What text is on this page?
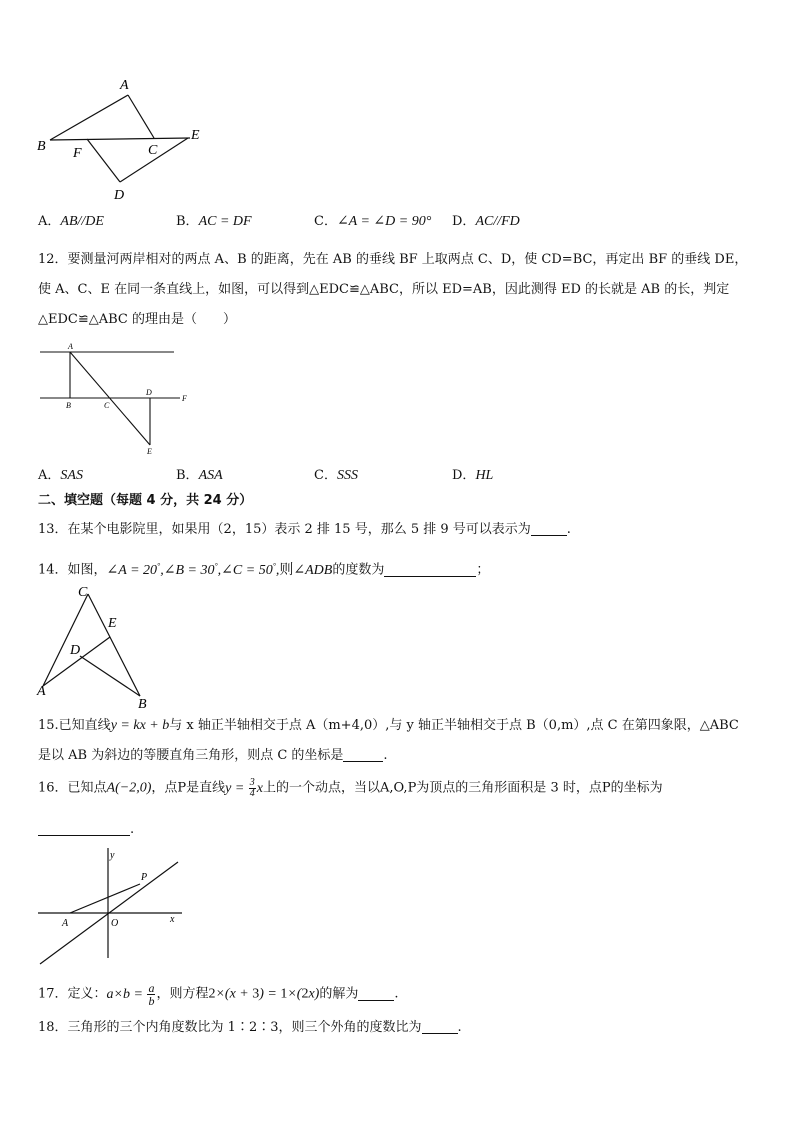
A
B F	C
E
D
A．AB//DE	B．AC = DF	C．∠A = ∠D = 90° D．AC//FD
12．要测量河两岸相对的两点 A、B 的距离，先在 AB 的垂线 BF 上取两点 C、D，使 CD=BC，再定出 BF 的垂线 DE，
使 A、C、E 在同一条直线上，如图，可以得到△EDC≌△ABC，所以 ED=AB，因此测得 ED 的长就是 AB 的长，判定
△EDC≌△ABC 的理由是（　　）
A
B	C
D
F
E
A．SAS	B．ASA	C．SSS	D．HL
二、填空题（每题 4 分，共 24 分）
13．在某个电影院里，如果用（2，15）表示 2 排 15 号，那么 5 排 9 号可以表示为	.
14．如图，∠A = 20°,∠B = 30°,∠C = 50°,则∠ADB的度数为	；
C
E
D
A
B
15.已知直线y = kx + b与 x 轴正半轴相交于点 A（m+4,0）,与 y 轴正半轴相交于点 B（0,m）,点 C 在第四象限，△ABC
是以 AB 为斜边的等腰直角三角形，则点 C 的坐标是	.
16．已知点A(−2,0)，点P是直线$y = \frac{3}{4}$ x上的一个动点，当以A,O,P为顶点的三角形面积是 3 时，点P的坐标为
.
y
x
P
A	O
17．定义：$a\times b = \frac{a}{b}$ ，则方程2×(x + 3) = 1×(2x)的解为	.
18．三角形的三个内角度数比为 1∶2∶3，则三个外角的度数比为	.
